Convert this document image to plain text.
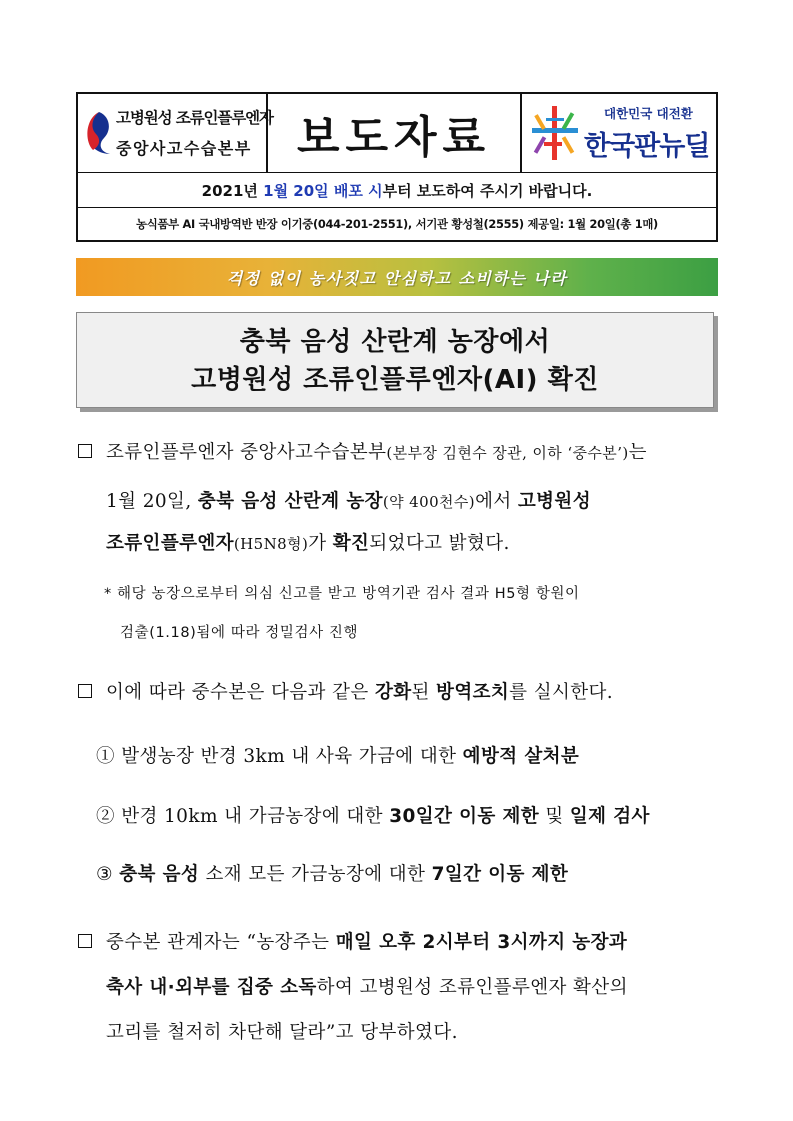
고병원성 조류인플루엔자
중앙사고수습본부 보도자료	대한민국 대전환
한국판뉴딜
2021년 1월 20일 배포 시 부터 보도하여 주시기 바랍니다.
농식품부 AI 국내방역반 반장 이기중(044-201-2551), 서기관 황성철(2555) 제공일: 1월 20일(총 1매)
걱정 없이 농사짓고 안심하고 소비하는 나라
충북 음성 산란계 농장에서
고병원성 조류인플루엔자(AI) 확진
조류인플루엔자 중앙사고수습본부(본부장 김현수 장관, 이하 ‘중수본’)는
1월 20일, 충북 음성 산란계 농장(약 400천수)에서 고병원성
조류인플루엔자(H5N8형)가 확진되었다고 밝혔다.
* 해당 농장으로부터 의심 신고를 받고 방역기관 검사 결과 H5형 항원이
검출(1.18)됨에 따라 정밀검사 진행
이에 따라 중수본은 다음과 같은 강화된 방역조치를 실시한다.
① 발생농장 반경 3km 내 사육 가금에 대한 예방적 살처분
② 반경 10km 내 가금농장에 대한 30일간 이동 제한 및 일제 검사
③ 충북 음성 소재 모든 가금농장에 대한 7일간 이동 제한
중수본 관계자는 “농장주는 매일 오후 2시부터 3시까지 농장과
축사 내·외부를 집중 소독하여 고병원성 조류인플루엔자 확산의
고리를 철저히 차단해 달라”고 당부하였다.
